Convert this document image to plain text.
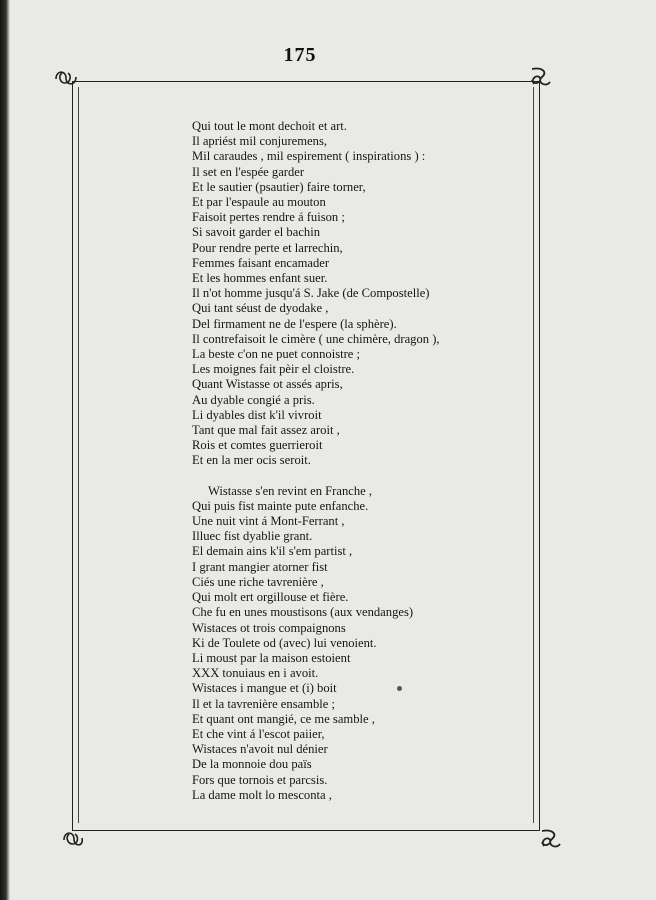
175
Qui tout le mont dechoit et art.
Il apriést mil conjuremens,
Mil caraudes , mil espirement ( inspirations ) :
Il set en l'espée garder
Et le sautier (psautier) faire torner,
Et par l'espaule au mouton
Faisoit pertes rendre á fuison ;
Si savoit garder el bachin
Pour rendre perte et larrechin,
Femmes faisant encamader
Et les hommes enfant suer.
Il n'ot homme jusqu'á S. Jake (de Compostelle)
Qui tant séust de dyodake ,
Del firmament ne de l'espere (la sphère).
Il contrefaisoit le cimère ( une chimère, dragon ),
La beste c'on ne puet connoistre ;
Les moignes fait pèir el cloistre.
Quant Wistasse ot assés apris,
Au dyable congié a pris.
Li dyables dist k'il vivroit
Tant que mal fait assez aroit ,
Rois et comtes guerrieroit
Et en la mer ocis seroit.
Wistasse s'en revint en Franche ,
Qui puis fist mainte pute enfanche.
Une nuit vint á Mont-Ferrant ,
Illuec fist dyablie grant.
El demain ains k'il s'em partist ,
I grant mangier atorner fist
Ciés une riche tavrenière ,
Qui molt ert orgillouse et fière.
Che fu en unes moustisons (aux vendanges)
Wistaces ot trois compaignons
Ki de Toulete od (avec) lui venoient.
Li moust par la maison estoient
XXX tonuiaus en i avoit.
Wistaces i mangue et (i) boit
Il et la tavrenière ensamble ;
Et quant ont mangié, ce me samble ,
Et che vint á l'escot paiier,
Wistaces n'avoit nul dénier
De la monnoie dou païs
Fors que tornois et parcsis.
La dame molt lo mesconta ,
